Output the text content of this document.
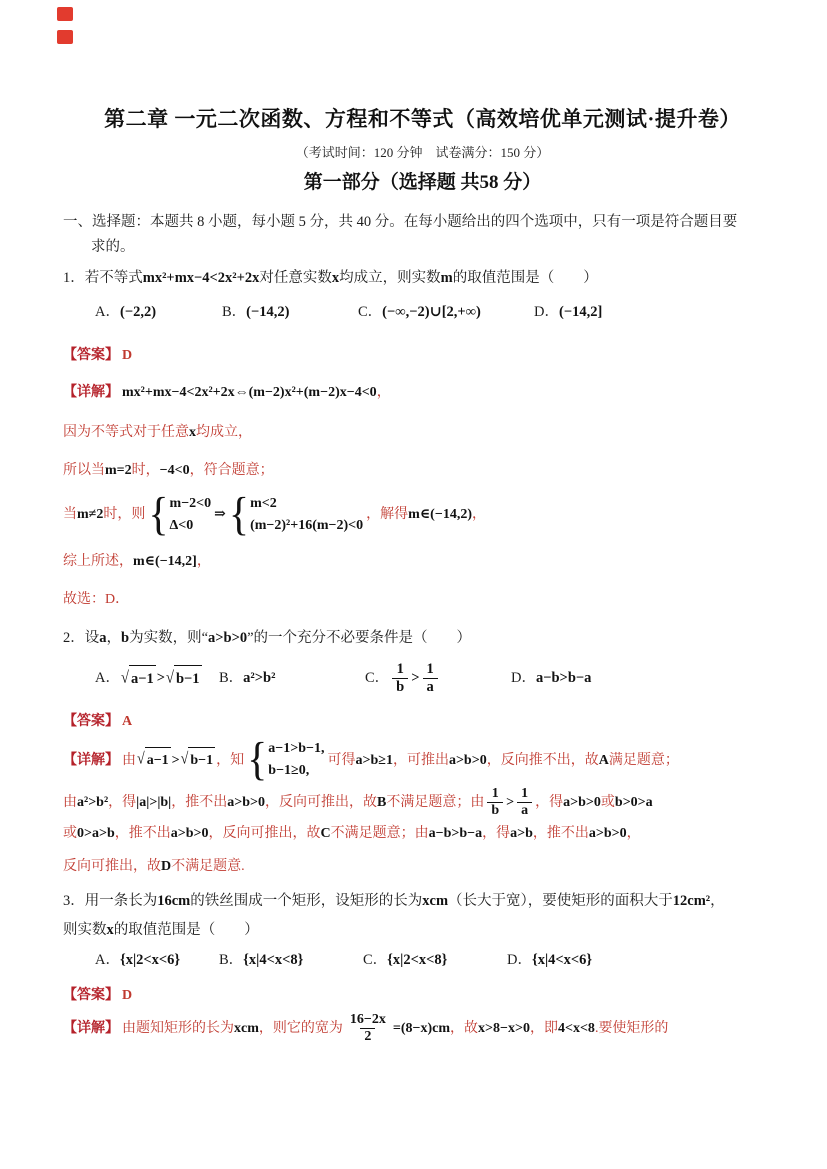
第二章 一元二次函数、方程和不等式（高效培优单元测试·提升卷）
（考试时间：120 分钟　试卷满分：150 分）
第一部分（选择题 共58 分）

一、选择题：本题共 8 小题，每小题 5 分，共 40 分。在每小题给出的四个选项中，只有一项是符合题目要

求的。

1．若不等式mx²+mx−4<2x²+2x对任意实数x均成立，则实数m的取值范围是（　　）

A． (−2,2)	B． (−14,2)	C． (−∞,−2)∪[2,+∞)	D． (−14,2]

【答案】 D

【详解】 mx²+mx−4<2x²+2x⇔(m−2)x²+(m−2)x−4<0，

因为不等式对于任意x均成立，

所以当m=2时，−4<0，符合题意；

当 m≠2 时，则 { m−2<0
Δ<0
⇒ { m<2
(m−2)²+16(m−2)<0
，解得 m∈(−14,2) ，

综上所述，m∈(−14,2]，

故选：D．

2．设a，b为实数，则“a>b>0”的一个充分不必要条件是（　　）

A． √ a−1 > √ b−1 B． a²>b²	C． $\frac{1}{b} > \frac{1}{a}$	D． a−b>b−a

【答案】 A

【详解】 由 √ a−1 > √ b−1 ，知 { a−1>b−1,
b−1≥0,
可得 a>b≥1 ，可推出 a>b>0 ，反向推不出，故 A 满足题意；

由 a²>b² ，得 |a|>|b| ，推不出 a>b>0 ，反向可推出，故 B 不满足题意；由 $\frac{1}{b} > \frac{1}{a}$ ，得 a>b>0 或 b>0>a

或0>a>b，推不出a>b>0，反向可推出，故C不满足题意；由a−b>b−a，得a>b，推不出a>b>0，

反向可推出，故D不满足题意.

3．用一条长为16cm的铁丝围成一个矩形，设矩形的长为xcm（长大于宽），要使矩形的面积大于12cm²，

则实数x的取值范围是（　　）

A． {x|2<x<6}	B． {x|4<x<8}	C． {x|2<x<8}	D． {x|4<x<6}

【答案】 D

【详解】 由题知矩形的长为 xcm ，则它的宽为 $\frac{16-2x}{2} =(8-x)cm$ ，故 x>8−x>0 ，即 4<x<8 .要使矩形的
